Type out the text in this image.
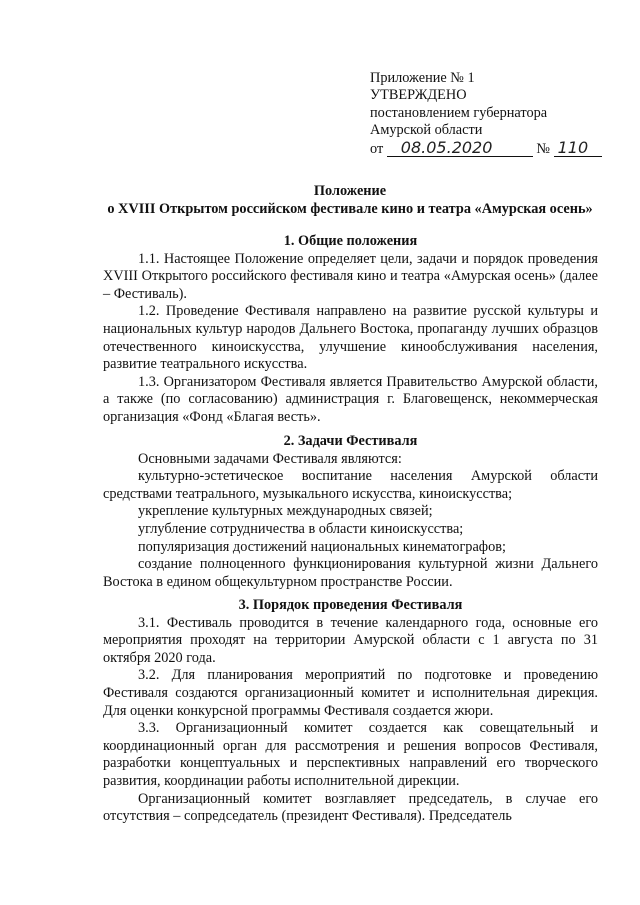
Приложение № 1
УТВЕРЖДЕНО
постановлением губернатора
Амурской области
от 08.05.2020	№ 110
Положение
о XVIII Открытом российском фестивале кино и театра «Амурская осень»
1. Общие положения

1.1. Настоящее Положение определяет цели, задачи и порядок проведения XVIII Открытого российского фестиваля кино и театра «Амурская осень» (далее – Фестиваль).

1.2. Проведение Фестиваля направлено на развитие русской культуры и национальных культур народов Дальнего Востока, пропаганду лучших образцов отечественного киноискусства, улучшение кинообслуживания населения, развитие театрального искусства.

1.3. Организатором Фестиваля является Правительство Амурской области, а также (по согласованию) администрация г. Благовещенск, некоммерческая организация «Фонд «Благая весть».

2. Задачи Фестиваля

Основными задачами Фестиваля являются:

культурно-эстетическое воспитание населения Амурской области средствами театрального, музыкального искусства, киноискусства;

укрепление культурных международных связей;

углубление сотрудничества в области киноискусства;

популяризация достижений национальных кинематографов;

создание полноценного функционирования культурной жизни Дальнего Востока в едином общекультурном пространстве России.

3. Порядок проведения Фестиваля

3.1. Фестиваль проводится в течение календарного года, основные его мероприятия проходят на территории Амурской области с 1 августа по 31 октября 2020 года.

3.2. Для планирования мероприятий по подготовке и проведению Фестиваля создаются организационный комитет и исполнительная дирекция. Для оценки конкурсной программы Фестиваля создается жюри.

3.3. Организационный комитет создается как совещательный и координационный орган для рассмотрения и решения вопросов Фестиваля, разработки концептуальных и перспективных направлений его творческого развития, координации работы исполнительной дирекции.

Организационный комитет возглавляет председатель, в случае его отсутствия – сопредседатель (президент Фестиваля). Председатель
